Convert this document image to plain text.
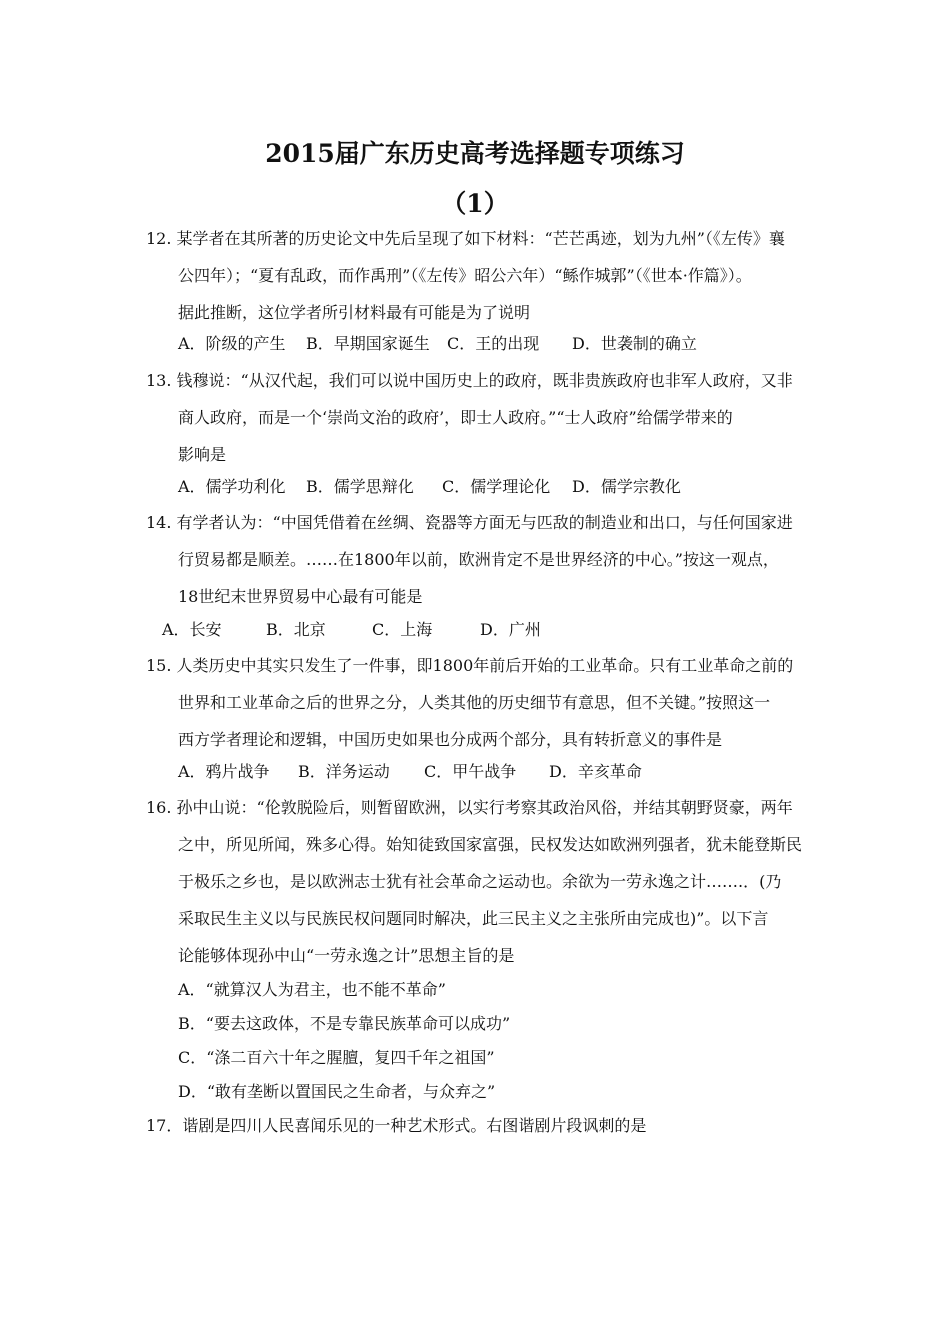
2015届广东历史高考选择题专项练习
（1）
12. 某学者在其所著的历史论文中先后呈现了如下材料：“芒芒禹迹，划为九州”（《左传》襄
公四年）；“夏有乱政，而作禹刑”（《左传》昭公六年）“鲧作城郭”（《世本·作篇》）。
据此推断，这位学者所引材料最有可能是为了说明
A．阶级的产生 B．早期国家诞生 C．王的出现 D．世袭制的确立
13. 钱穆说：“从汉代起，我们可以说中国历史上的政府，既非贵族政府也非军人政府，又非
商人政府，而是一个‘崇尚文治的政府’，即士人政府。”“士人政府”给儒学带来的
影响是
A．儒学功利化 B．儒学思辩化 C．儒学理论化 D．儒学宗教化
14. 有学者认为：“中国凭借着在丝绸、瓷器等方面无与匹敌的制造业和出口，与任何国家进
行贸易都是顺差。……在1800年以前，欧洲肯定不是世界经济的中心。”按这一观点，
18世纪末世界贸易中心最有可能是
A．长安	B．北京	C．上海	D．广州
15. 人类历史中其实只发生了一件事，即1800年前后开始的工业革命。只有工业革命之前的
世界和工业革命之后的世界之分，人类其他的历史细节有意思，但不关键。”按照这一
西方学者理论和逻辑，中国历史如果也分成两个部分，具有转折意义的事件是
A．鸦片战争 B．洋务运动 C．甲午战争 D．辛亥革命
16. 孙中山说：“伦敦脱险后，则暂留欧洲，以实行考察其政治风俗，并结其朝野贤豪，两年
之中，所见所闻，殊多心得。始知徒致国家富强，民权发达如欧洲列强者，犹未能登斯民
于极乐之乡也，是以欧洲志士犹有社会革命之运动也。余欲为一劳永逸之计…….．(乃
采取民生主义以与民族民权问题同时解决，此三民主义之主张所由完成也)”。以下言
论能够体现孙中山“一劳永逸之计”思想主旨的是
A．“就算汉人为君主，也不能不革命”
B．“要去这政体，不是专靠民族革命可以成功”
C．“涤二百六十年之腥膻，复四千年之祖国”
D．“敢有垄断以置国民之生命者，与众弃之”
17．谐剧是四川人民喜闻乐见的一种艺术形式。右图谐剧片段讽刺的是
